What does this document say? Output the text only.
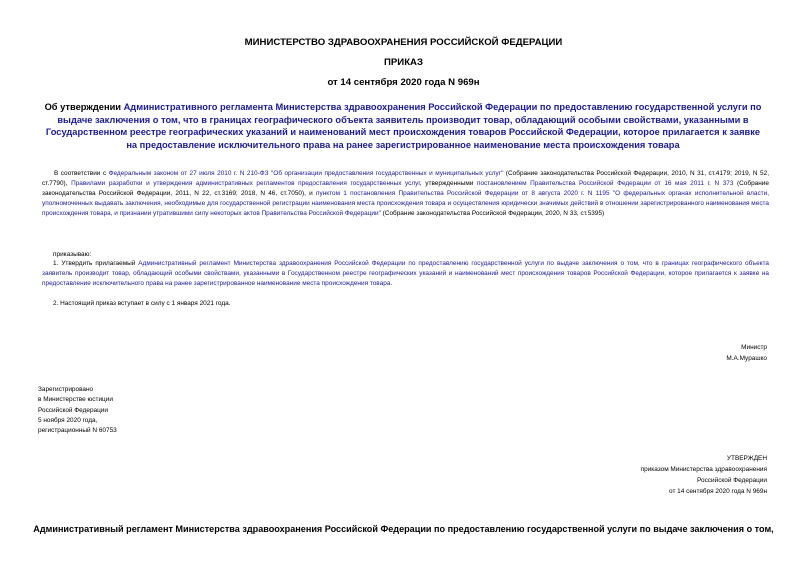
МИНИСТЕРСТВО ЗДРАВООХРАНЕНИЯ РОССИЙСКОЙ ФЕДЕРАЦИИ
ПРИКАЗ
от 14 сентября 2020 года N 969н
Об утверждении Административного регламента Министерства здравоохранения Российской Федерации по предоставлению государственной услуги по выдаче заключения о том, что в границах географического объекта заявитель производит товар, обладающий особыми свойствами, указанными в Государственном реестре географических указаний и наименований мест происхождения товаров Российской Федерации, которое прилагается к заявке на предоставление исключительного права на ранее зарегистрированное наименование места происхождения товара
В соответствии с Федеральным законом от 27 июля 2010 г. N 210-ФЗ "Об организации предоставления государственных и муниципальных услуг" (Собрание законодательства Российской Федерации, 2010, N 31, ст.4179; 2019, N 52, ст.7790), Правилами разработки и утверждения административных регламентов предоставления государственных услуг, утвержденными постановлением Правительства Российской Федерации от 16 мая 2011 г. N 373 (Собрание законодательства Российской Федерации, 2011, N 22, ст.3169; 2018, N 46, ст.7050), и пунктом 1 постановления Правительства Российской Федерации от 8 августа 2020 г. N 1195 "О федеральных органах исполнительной власти, уполномоченных выдавать заключения, необходимые для государственной регистрации наименования места происхождения товара и осуществления юридически значимых действий в отношении зарегистрированного наименования места происхождения товара, и признании утратившими силу некоторых актов Правительства Российской Федерации" (Собрание законодательства Российской Федерации, 2020, N 33, ст.5395)
приказываю:
1. Утвердить прилагаемый Административный регламент Министерства здравоохранения Российской Федерации по предоставлению государственной услуги по выдаче заключения о том, что в границах географического объекта заявитель производит товар, обладающий особыми свойствами, указанными в Государственном реестре географических указаний и наименований мест происхождения товаров Российской Федерации, которое прилагается к заявке на предоставление исключительного права на ранее зарегистрированное наименование места происхождения товара.
2. Настоящий приказ вступает в силу с 1 января 2021 года.
Министр
М.А.Мурашко
Зарегистрировано
в Министерстве юстиции
Российской Федерации
5 ноября 2020 года,
регистрационный N 60753
УТВЕРЖДЕН
приказом Министерства здравоохранения
Российской Федерации
от 14 сентября 2020 года N 969н
Административный регламент Министерства здравоохранения Российской Федерации по предоставлению государственной услуги по выдаче заключения о том,
